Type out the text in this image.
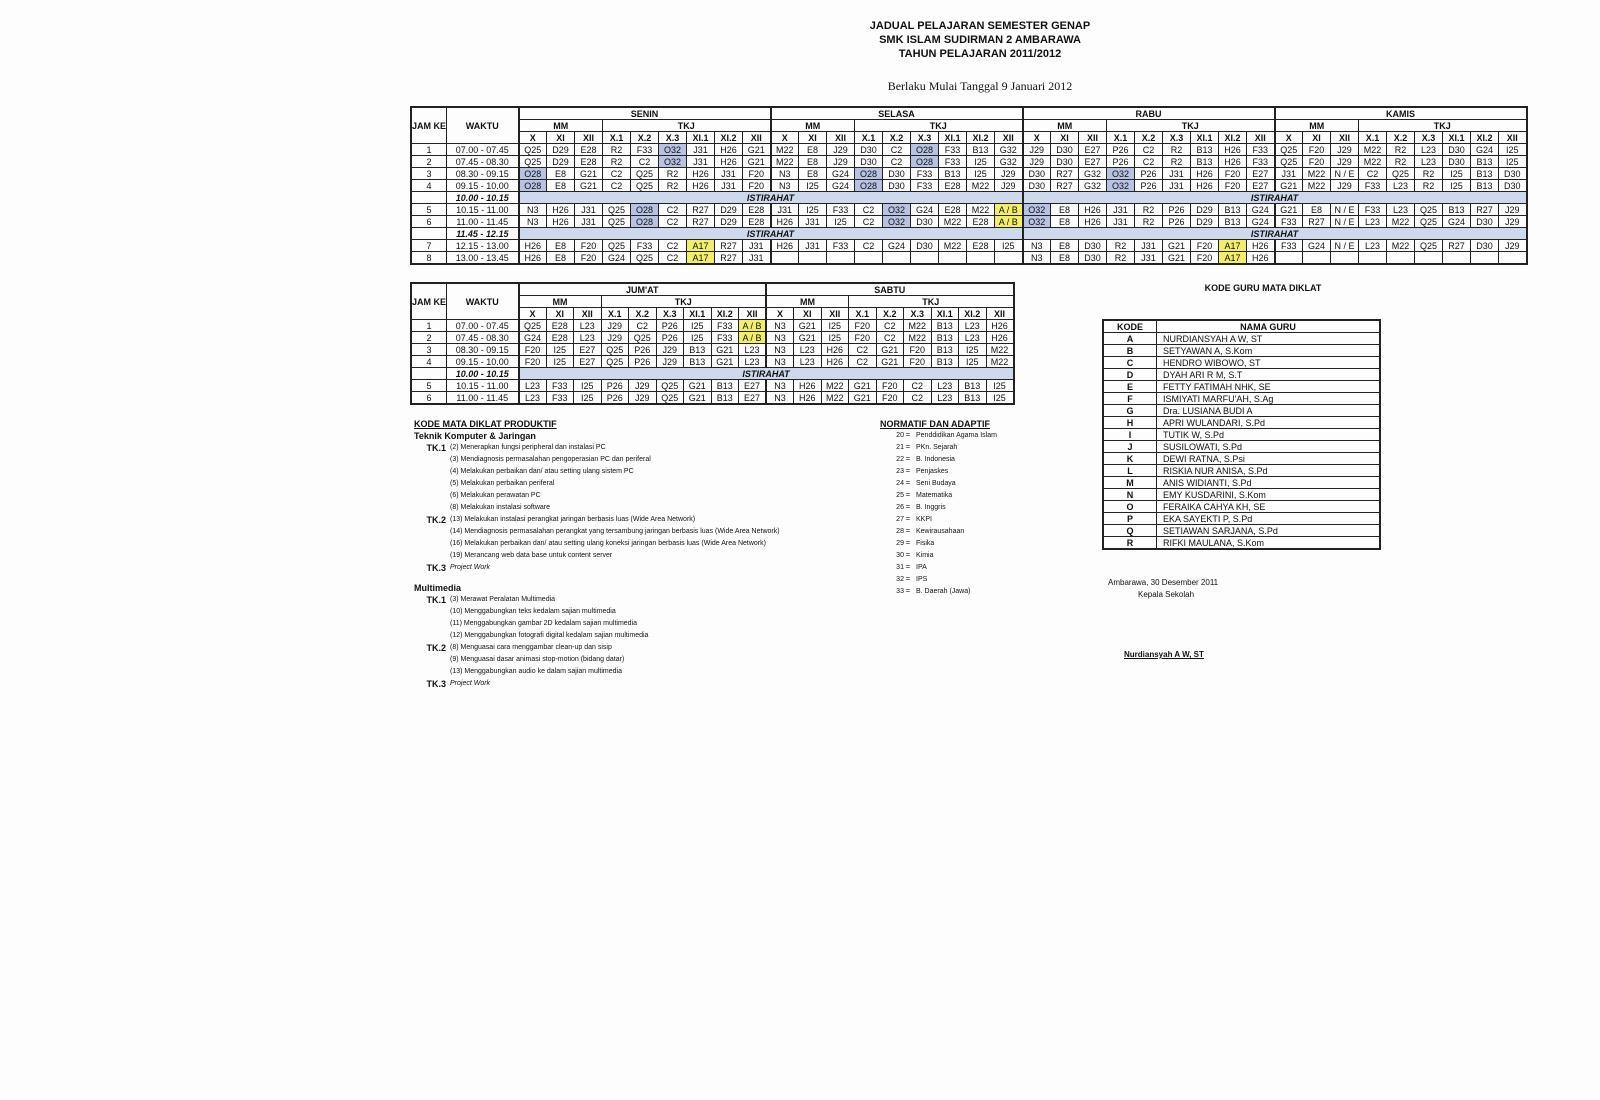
JADUAL PELAJARAN SEMESTER GENAP
SMK ISLAM SUDIRMAN 2 AMBARAWA
TAHUN PELAJARAN 2011/2012
Berlaku Mulai Tanggal 9 Januari 2012
JAM KE	WAKTU	SENIN									SELASA									RABU									KAMIS								
		MM			TKJ						MM			TKJ						MM			TKJ						MM			TKJ					
		X	XI	XII	X.1	X.2	X.3	XI.1	XI.2	XII	X	XI	XII	X.1	X.2	X.3	XI.1	XI.2	XII	X	XI	XII	X.1	X.2	X.3	XI.1	XI.2	XII	X	XI	XII	X.1	X.2	X.3	XI.1	XI.2	XII
1	07.00 - 07.45	Q25	D29	E28	R2	F33	O32	J31	H26	G21	M22	E8	J29	D30	C2	O28	F33	B13	G32	J29	D30	E27	P26	C2	R2	B13	H26	F33	Q25	F20	J29	M22	R2	L23	D30	G24	I25
2	07.45 - 08.30	Q25	D29	E28	R2	C2	O32	J31	H26	G21	M22	E8	J29	D30	C2	O28	F33	I25	G32	J29	D30	E27	P26	C2	R2	B13	H26	F33	Q25	F20	J29	M22	R2	L23	D30	B13	I25
3	08.30 - 09.15	O28	E8	G21	C2	Q25	R2	H26	J31	F20	N3	E8	G24	O28	D30	F33	B13	I25	J29	D30	R27	G32	O32	P26	J31	H26	F20	E27	J31	M22	N / E	C2	Q25	R2	I25	B13	D30
4	09.15 - 10.00	O28	E8	G21	C2	Q25	R2	H26	J31	F20	N3	I25	G24	O28	D30	F33	E28	M22	J29	D30	R27	G32	O32	P26	J31	H26	F20	E27	G21	M22	J29	F33	L23	R2	I25	B13	D30
	10.00 - 10.15	ISTIRAHAT																		ISTIRAHAT																	
5	10.15 - 11.00	N3	H26	J31	Q25	O28	C2	R27	D29	E28	J31	I25	F33	C2	O32	G24	E28	M22	A / B	O32	E8	H26	J31	R2	P26	D29	B13	G24	G21	E8	N / E	F33	L23	Q25	B13	R27	J29
6	11.00 - 11.45	N3	H26	J31	Q25	O28	C2	R27	D29	E28	H26	J31	I25	C2	O32	D30	M22	E28	A / B	O32	E8	H26	J31	R2	P26	D29	B13	G24	F33	R27	N / E	L23	M22	Q25	G24	D30	J29
	11.45 - 12.15	ISTIRAHAT																		ISTIRAHAT																	
7	12.15 - 13.00	H26	E8	F20	Q25	F33	C2	A17	R27	J31	H26	J31	F33	C2	G24	D30	M22	E28	I25	N3	E8	D30	R2	J31	G21	F20	A17	H26	F33	G24	N / E	L23	M22	Q25	R27	D30	J29
8	13.00 - 13.45	H26	E8	F20	G24	Q25	C2	A17	R27	J31										N3	E8	D30	R2	J31	G21	F20	A17	H26									
JAM KE	WAKTU	JUM'AT									SABTU								
		MM			TKJ						MM			TKJ					
		X	XI	XII	X.1	X.2	X.3	XI.1	XI.2	XII	X	XI	XII	X.1	X.2	X.3	XI.1	XI.2	XII
1	07.00 - 07.45	Q25	E28	L23	J29	C2	P26	I25	F33	A / B	N3	G21	I25	F20	C2	M22	B13	L23	H26
2	07.45 - 08.30	G24	E28	L23	J29	Q25	P26	I25	F33	A / B	N3	G21	I25	F20	C2	M22	B13	L23	H26
3	08.30 - 09.15	F20	I25	E27	Q25	P26	J29	B13	G21	L23	N3	L23	H26	C2	G21	F20	B13	I25	M22
4	09.15 - 10.00	F20	I25	E27	Q25	P26	J29	B13	G21	L23	N3	L23	H26	C2	G21	F20	B13	I25	M22
	10.00 - 10.15	ISTIRAHAT																	
5	10.15 - 11.00	L23	F33	I25	P26	J29	Q25	G21	B13	E27	N3	H26	M22	G21	F20	C2	L23	B13	I25
6	11.00 - 11.45	L23	F33	I25	P26	J29	Q25	G21	B13	E27	N3	H26	M22	G21	F20	C2	L23	B13	I25
KODE MATA DIKLAT PRODUKTIF
Teknik Komputer & Jaringan
TK.1 (2) Menerapkan fungsi peripheral dan instalasi PC
(3) Mendiagnosis permasalahan pengoperasian PC dan periferal
(4) Melakukan perbaikan dan/ atau setting ulang sistem PC
(5) Melakukan perbaikan periferal
(6) Melakukan perawatan PC
(8) Melakukan instalasi software
TK.2 (13) Melakukan instalasi perangkat jaringan berbasis luas (Wide Area Network)
(14) Mendiagnosis permasalahan perangkat yang tersambung jaringan berbasis luas (Wide Area Network)
(16) Melakukan perbaikan dan/ atau setting ulang koneksi jaringan berbasis luas (Wide Area Network)
(19) Merancang web data base untuk content server
TK.3 Project Work
Multimedia
TK.1 (3) Merawat Peralatan Multimedia
(10) Menggabungkan teks kedalam sajian multimedia
(11) Menggabungkan gambar 2D kedalam sajian multimedia
(12) Menggabungkan fotografi digital kedalam sajian multimedia
TK.2 (8) Menguasai cara menggambar clean-up dan sisip
(9) Menguasai dasar animasi stop-motion (bidang datar)
(13) Menggabungkan audio ke dalam sajian multimedia
TK.3 Project Work
NORMATIF DAN ADAPTIF
20 = Penddidikan Agama Islam
21 = PKn. Sejarah
22 = B. Indonesia
23 = Penjaskes
24 = Seni Budaya
25 = Matematika
26 = B. Inggris
27 = KKPI
28 = Kewirausahaan
29 = Fisika
30 = Kimia
31 = IPA
32 = IPS
33 = B. Daerah (Jawa)
KODE GURU MATA DIKLAT
KODE	NAMA GURU
A	NURDIANSYAH A W, ST
B	SETYAWAN A, S.Kom
C	HENDRO WIBOWO, ST
D	DYAH ARI R M, S.T
E	FETTY FATIMAH NHK, SE
F	ISMIYATI MARFU'AH, S.Ag
G	Dra. LUSIANA BUDI A
H	APRI WULANDARI, S.Pd
I	TUTIK W, S.Pd
J	SUSILOWATI, S.Pd
K	DEWI RATNA, S.Psi
L	RISKIA NUR ANISA, S.Pd
M	ANIS WIDIANTI, S.Pd
N	EMY KUSDARINI, S.Kom
O	FERAIKA CAHYA KH, SE
P	EKA SAYEKTI P, S.Pd
Q	SETIAWAN SARJANA, S.Pd
R	RIFKI MAULANA, S.Kom
Ambarawa, 30 Desember 2011
Kepala Sekolah
Nurdiansyah A W, ST
